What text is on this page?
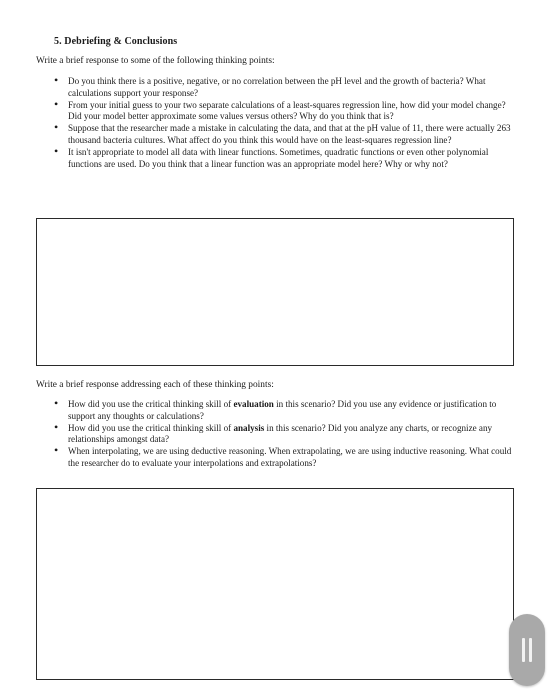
5. Debriefing & Conclusions
Write a brief response to some of the following thinking points:
• Do you think there is a positive, negative, or no correlation between the pH level and the growth of bacteria? What calculations support your response?
• From your initial guess to your two separate calculations of a least-squares regression line, how did your model change? Did your model better approximate some values versus others? Why do you think that is?
• Suppose that the researcher made a mistake in calculating the data, and that at the pH value of 11, there were actually 263 thousand bacteria cultures. What affect do you think this would have on the least-squares regression line?
• It isn't appropriate to model all data with linear functions. Sometimes, quadratic functions or even other polynomial functions are used. Do you think that a linear function was an appropriate model here? Why or why not?
Write a brief response addressing each of these thinking points:
• How did you use the critical thinking skill of evaluation in this scenario? Did you use any evidence or justification to support any thoughts or calculations?
• How did you use the critical thinking skill of analysis in this scenario? Did you analyze any charts, or recognize any relationships amongst data?
• When interpolating, we are using deductive reasoning. When extrapolating, we are using inductive reasoning. What could the researcher do to evaluate your interpolations and extrapolations?
